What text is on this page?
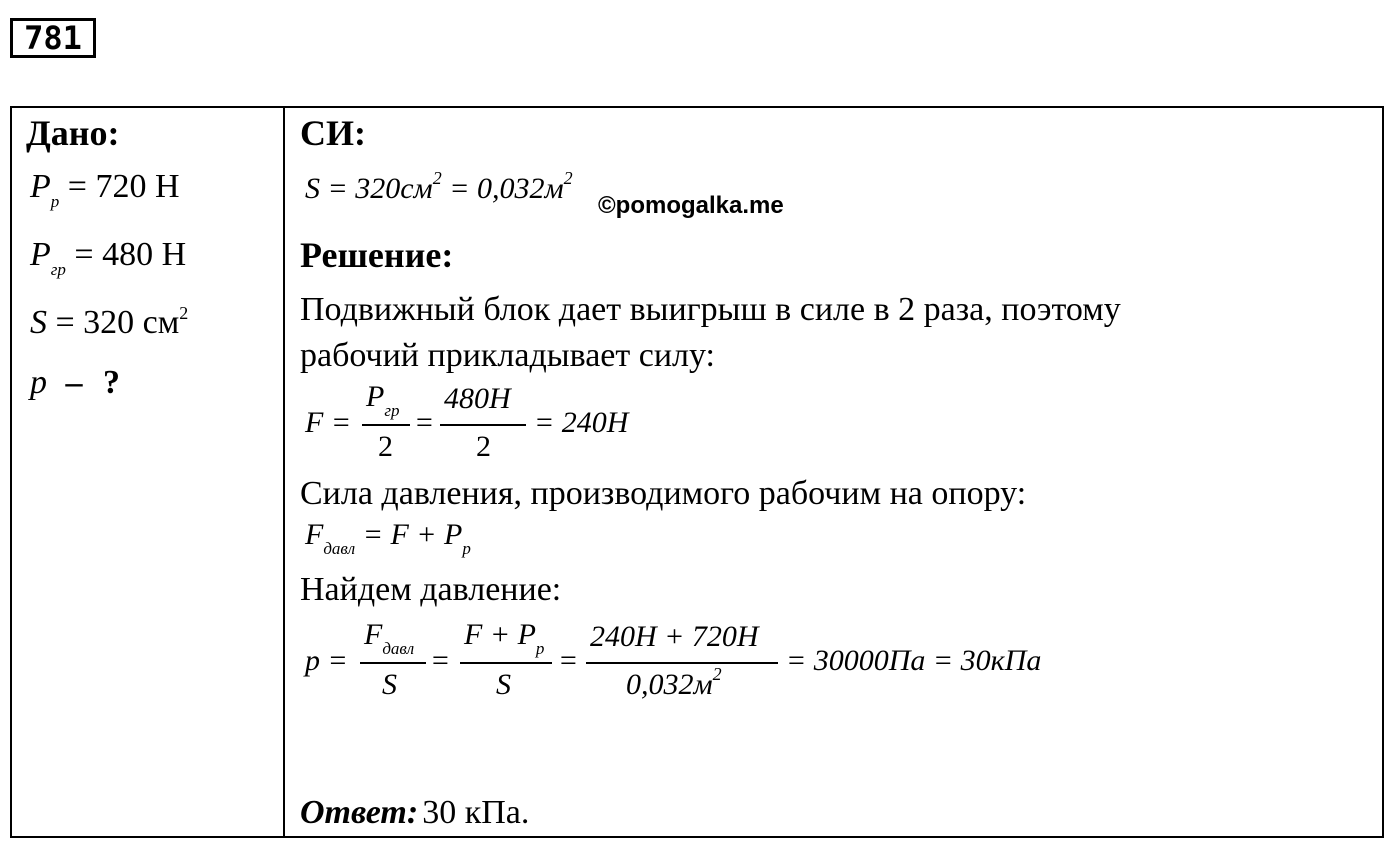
781
Дано:
$P_р = 720$ Н
$P_{гр} = 480$ Н
S = 320 $см^2$
p – ?
СИ:
$S = 320см^2 = 0,032м^2$
©pomogalka.me
Решение:
Подвижный блок дает выигрыш в силе в 2 раза, поэтому
рабочий прикладывает силу:
F =
$P_{гр}$
2
=
480Н
2
= 240Н
Сила давления, производимого рабочим на опору:
$F_{давл} = F + P_р$
Найдем давление:
p =
$F_{давл}$
S
=
$F + P_р$
S
=
240Н + 720Н
$0,032м^2 = 30000Па = 30кПа$
Ответ: 30 кПа.
